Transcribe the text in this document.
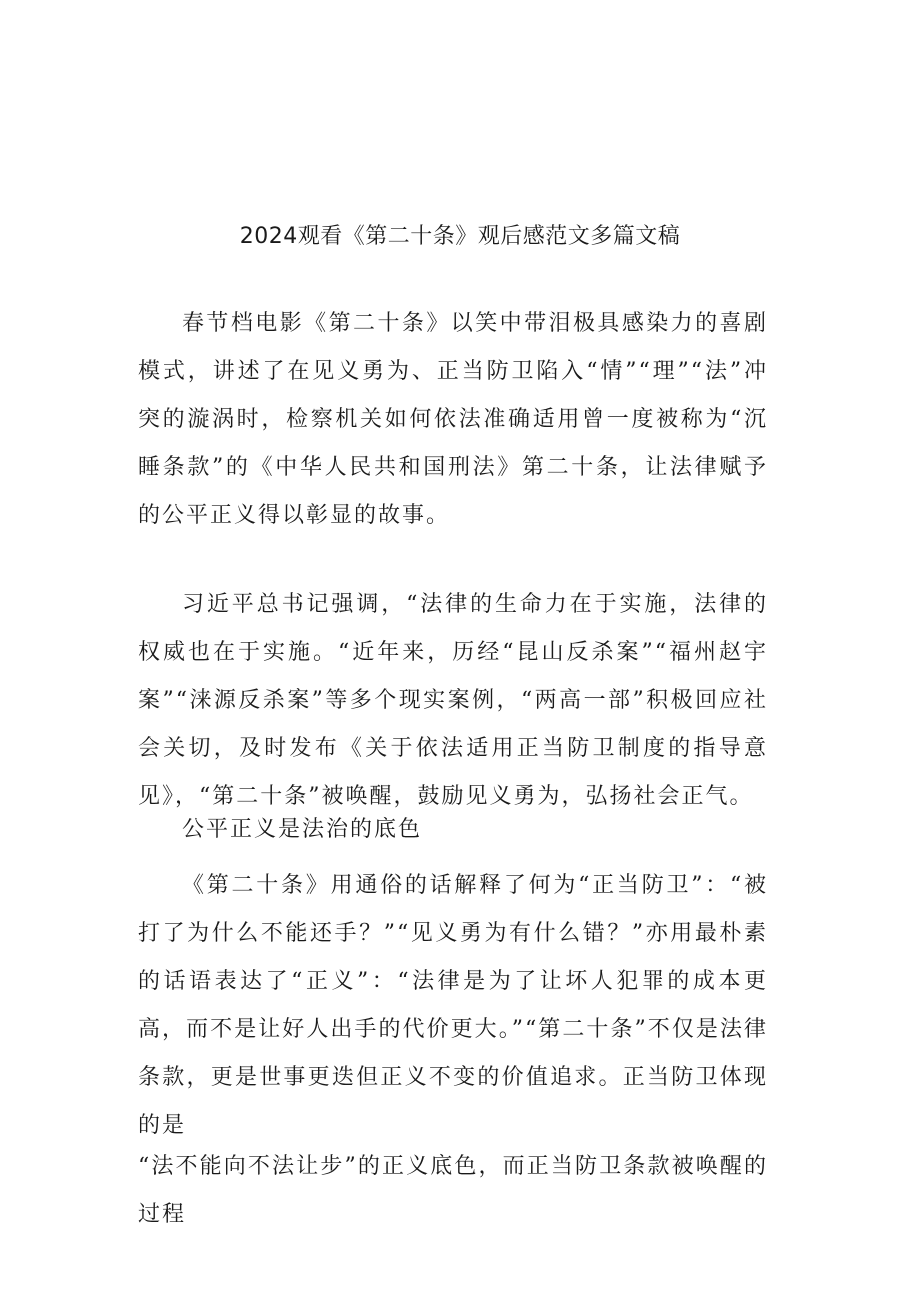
2024观看《第二十条》观后感范文多篇文稿

春节档电影《第二十条》以笑中带泪极具感染力的喜剧模式，讲述了在见义勇为、正当防卫陷入“情”“理”“法”冲突的漩涡时，检察机关如何依法准确适用曾一度被称为“沉睡条款”的《中华人民共和国刑法》第二十条，让法律赋予的公平正义得以彰显的故事。

习近平总书记强调，“法律的生命力在于实施，法律的权威也在于实施。“近年来，历经“昆山反杀案”“福州赵宇案”“涞源反杀案”等多个现实案例，“两高一部”积极回应社会关切，及时发布《关于依法适用正当防卫制度的指导意见》，“第二十条”被唤醒，鼓励见义勇为，弘扬社会正气。

公平正义是法治的底色

《第二十条》用通俗的话解释了何为“正当防卫”：“被打了为什么不能还手？”“见义勇为有什么错？”亦用最朴素的话语表达了“正义”：“法律是为了让坏人犯罪的成本更高，而不是让好人出手的代价更大。”“第二十条”不仅是法律条款，更是世事更迭但正义不变的价值追求。正当防卫体现的是

“法不能向不法让步”的正义底色，而正当防卫条款被唤醒的过程
